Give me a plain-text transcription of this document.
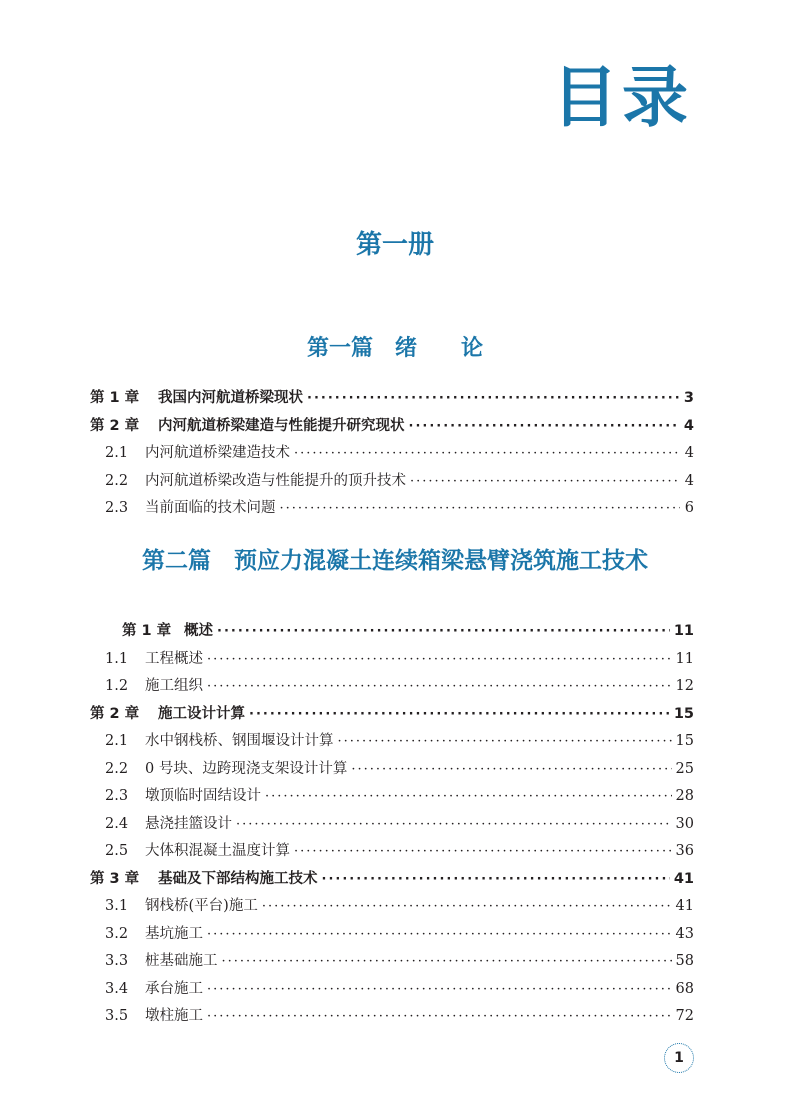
目录
第一册
第一篇　绪　　论
第 1 章	我国内河航道桥梁现状 ·····	3
第 2 章	内河航道桥梁建造与性能提升研究现状 ·····	4
2.1	内河航道桥梁建造技术 ·····	4
2.2	内河航道桥梁改造与性能提升的顶升技术 ·····	4
2.3	当前面临的技术问题 ·····	6
第二篇　预应力混凝土连续箱梁悬臂浇筑施工技术
第 1 章 概述 ·····	11
1.1	工程概述 ·····	11
1.2	施工组织 ·····	12
第 2 章	施工设计计算 ·····	15
2.1	水中钢栈桥、钢围堰设计计算 ·····	15
2.2	0 号块、边跨现浇支架设计计算 ·····	25
2.3	墩顶临时固结设计 ·····	28
2.4	悬浇挂篮设计 ·····	30
2.5	大体积混凝土温度计算 ·····	36
第 3 章	基础及下部结构施工技术 ·····	41
3.1	钢栈桥(平台)施工 ·····	41
3.2	基坑施工 ·····	43
3.3	桩基础施工 ·····	58
3.4	承台施工 ·····	68
3.5	墩柱施工 ·····	72
1
